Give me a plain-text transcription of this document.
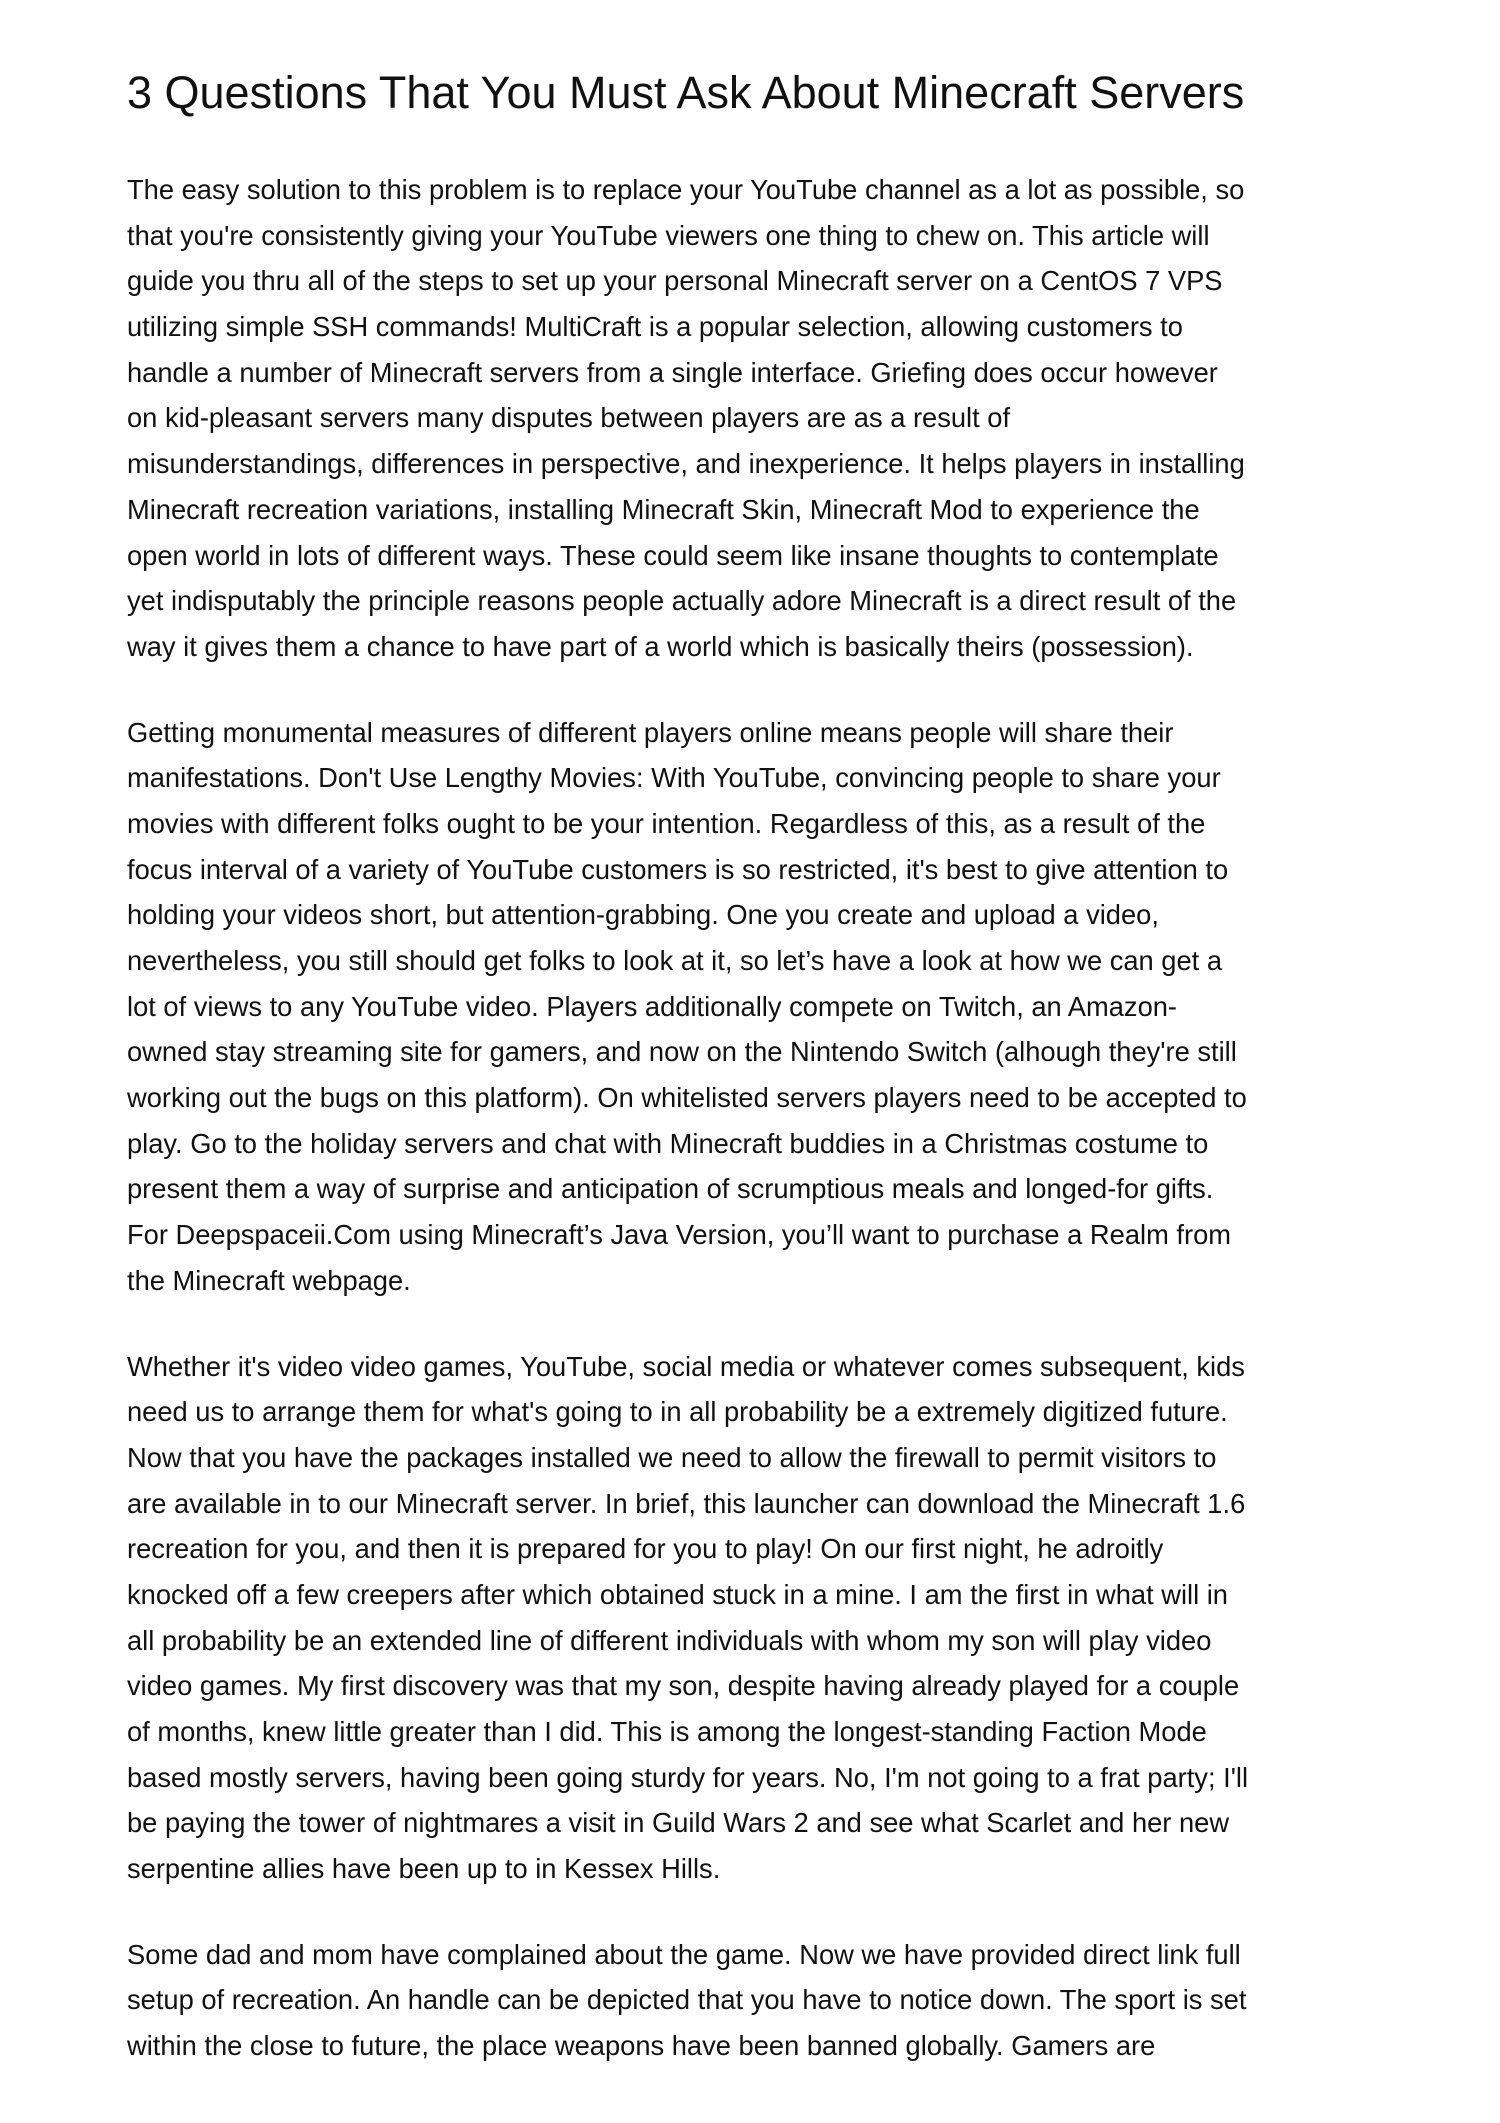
3 Questions That You Must Ask About Minecraft Servers
The easy solution to this problem is to replace your YouTube channel as a lot as possible, so
that you're consistently giving your YouTube viewers one thing to chew on. This article will
guide you thru all of the steps to set up your personal Minecraft server on a CentOS 7 VPS
utilizing simple SSH commands! MultiCraft is a popular selection, allowing customers to
handle a number of Minecraft servers from a single interface. Griefing does occur however
on kid-pleasant servers many disputes between players are as a result of
misunderstandings, differences in perspective, and inexperience. It helps players in installing
Minecraft recreation variations, installing Minecraft Skin, Minecraft Mod to experience the
open world in lots of different ways. These could seem like insane thoughts to contemplate
yet indisputably the principle reasons people actually adore Minecraft is a direct result of the
way it gives them a chance to have part of a world which is basically theirs (possession).
Getting monumental measures of different players online means people will share their
manifestations. Don't Use Lengthy Movies: With YouTube, convincing people to share your
movies with different folks ought to be your intention. Regardless of this, as a result of the
focus interval of a variety of YouTube customers is so restricted, it's best to give attention to
holding your videos short, but attention-grabbing. One you create and upload a video,
nevertheless, you still should get folks to look at it, so let’s have a look at how we can get a
lot of views to any YouTube video. Players additionally compete on Twitch, an Amazon-
owned stay streaming site for gamers, and now on the Nintendo Switch (alhough they're still
working out the bugs on this platform). On whitelisted servers players need to be accepted to
play. Go to the holiday servers and chat with Minecraft buddies in a Christmas costume to
present them a way of surprise and anticipation of scrumptious meals and longed-for gifts.
For Deepspaceii.Com using Minecraft’s Java Version, you’ll want to purchase a Realm from
the Minecraft webpage.
Whether it's video video games, YouTube, social media or whatever comes subsequent, kids
need us to arrange them for what's going to in all probability be a extremely digitized future.
Now that you have the packages installed we need to allow the firewall to permit visitors to
are available in to our Minecraft server. In brief, this launcher can download the Minecraft 1.6
recreation for you, and then it is prepared for you to play! On our first night, he adroitly
knocked off a few creepers after which obtained stuck in a mine. I am the first in what will in
all probability be an extended line of different individuals with whom my son will play video
video games. My first discovery was that my son, despite having already played for a couple
of months, knew little greater than I did. This is among the longest-standing Faction Mode
based mostly servers, having been going sturdy for years. No, I'm not going to a frat party; I'll
be paying the tower of nightmares a visit in Guild Wars 2 and see what Scarlet and her new
serpentine allies have been up to in Kessex Hills.
Some dad and mom have complained about the game. Now we have provided direct link full
setup of recreation. An handle can be depicted that you have to notice down. The sport is set
within the close to future, the place weapons have been banned globally. Gamers are
